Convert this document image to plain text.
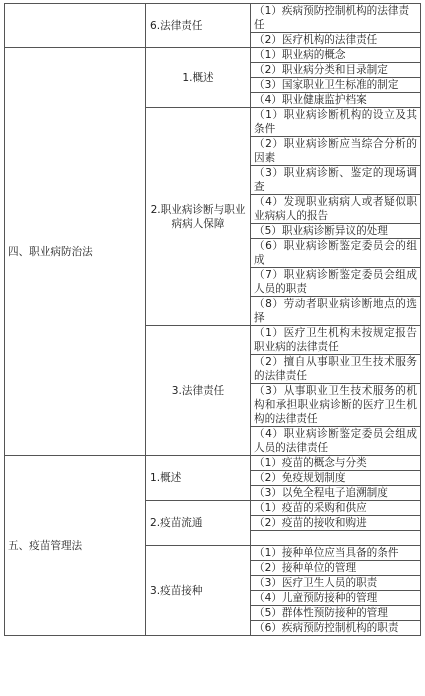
	6.法律责任	（1）疾病预防控制机构的法律责任
		（2）医疗机构的法律责任
四、职业病防治法	1.概述	（1）职业病的概念
		（2）职业病分类和目录制定
		（3）国家职业卫生标准的制定
		（4）职业健康监护档案
	2.职业病诊断与职业病病人保障	（1）职业病诊断机构的设立及其条件
		（2）职业病诊断应当综合分析的因素
		（3）职业病诊断、鉴定的现场调查
		（4）发现职业病病人或者疑似职业病病人的报告
		（5）职业病诊断异议的处理
		（6）职业病诊断鉴定委员会的组成
		（7）职业病诊断鉴定委员会组成人员的职责
		（8）劳动者职业病诊断地点的选择
	3.法律责任	（1）医疗卫生机构未按规定报告职业病的法律责任
		（2）擅自从事职业卫生技术服务的法律责任
		（3）从事职业卫生技术服务的机构和承担职业病诊断的医疗卫生机构的法律责任
		（4）职业病诊断鉴定委员会组成人员的法律责任
五、疫苗管理法	1.概述	（1）疫苗的概念与分类
		（2）免疫规划制度
		（3）以免全程电子追溯制度
	2.疫苗流通	（1）疫苗的采购和供应
		（2）疫苗的接收和购进

	3.疫苗接种	（1）接种单位应当具备的条件
		（2）接种单位的管理
		（3）医疗卫生人员的职责
		（4）儿童预防接种的管理
		（5）群体性预防接种的管理
		（6）疾病预防控制机构的职责
